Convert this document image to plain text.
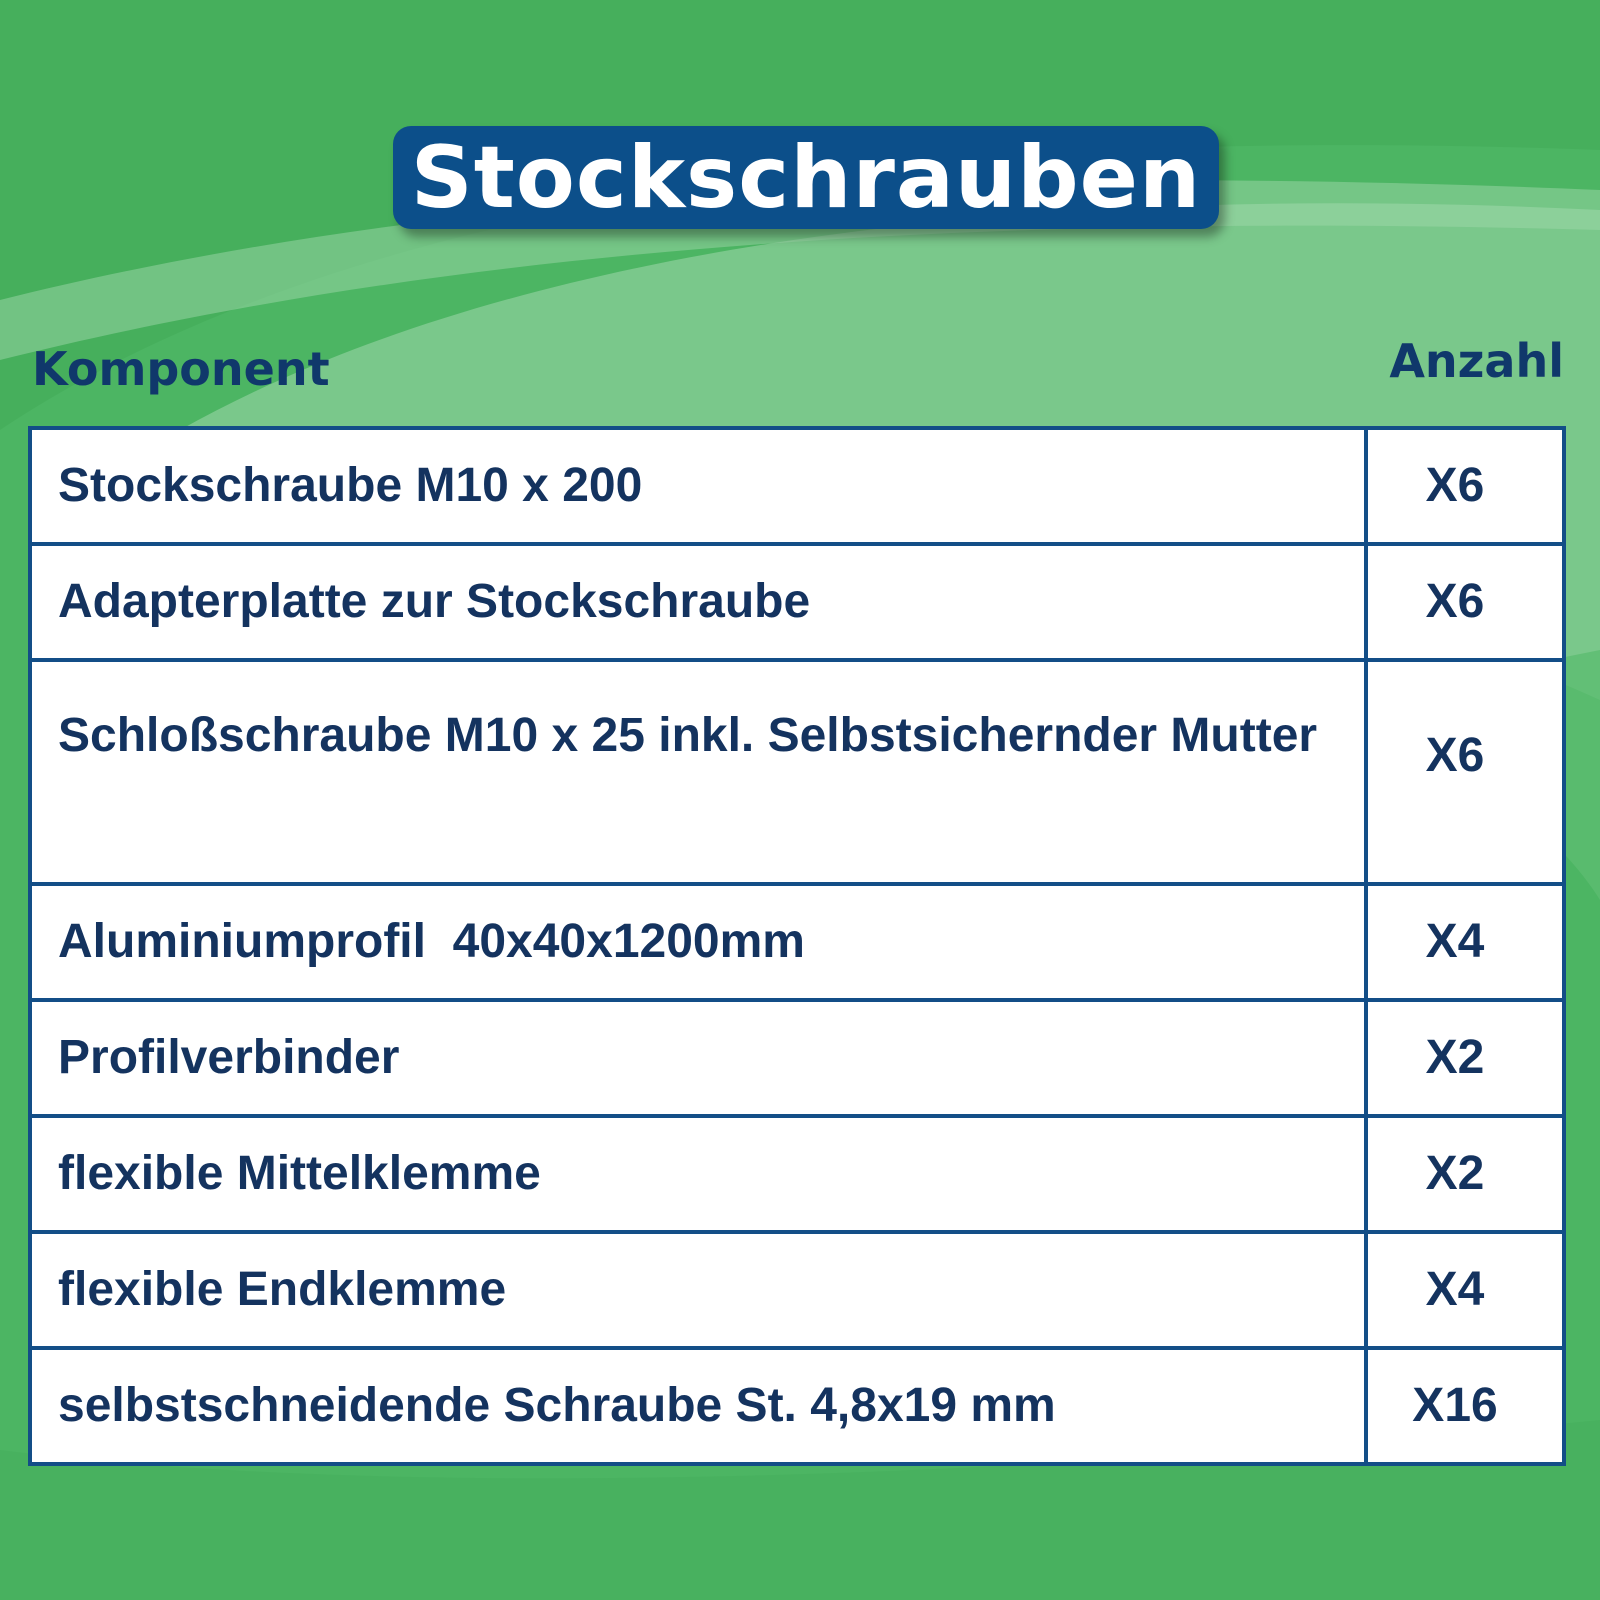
Stockschrauben
Komponent	Anzahl
Stockschraube M10 x 200	X6
Adapterplatte zur Stockschraube	X6
Schloßschraube M10 x 25 inkl. Selbstsichernder Mutter	X6
Aluminiumprofil  40x40x1200mm	X4
Profilverbinder	X2
flexible Mittelklemme	X2
flexible Endklemme	X4
selbstschneidende Schraube St. 4,8x19 mm	X16
